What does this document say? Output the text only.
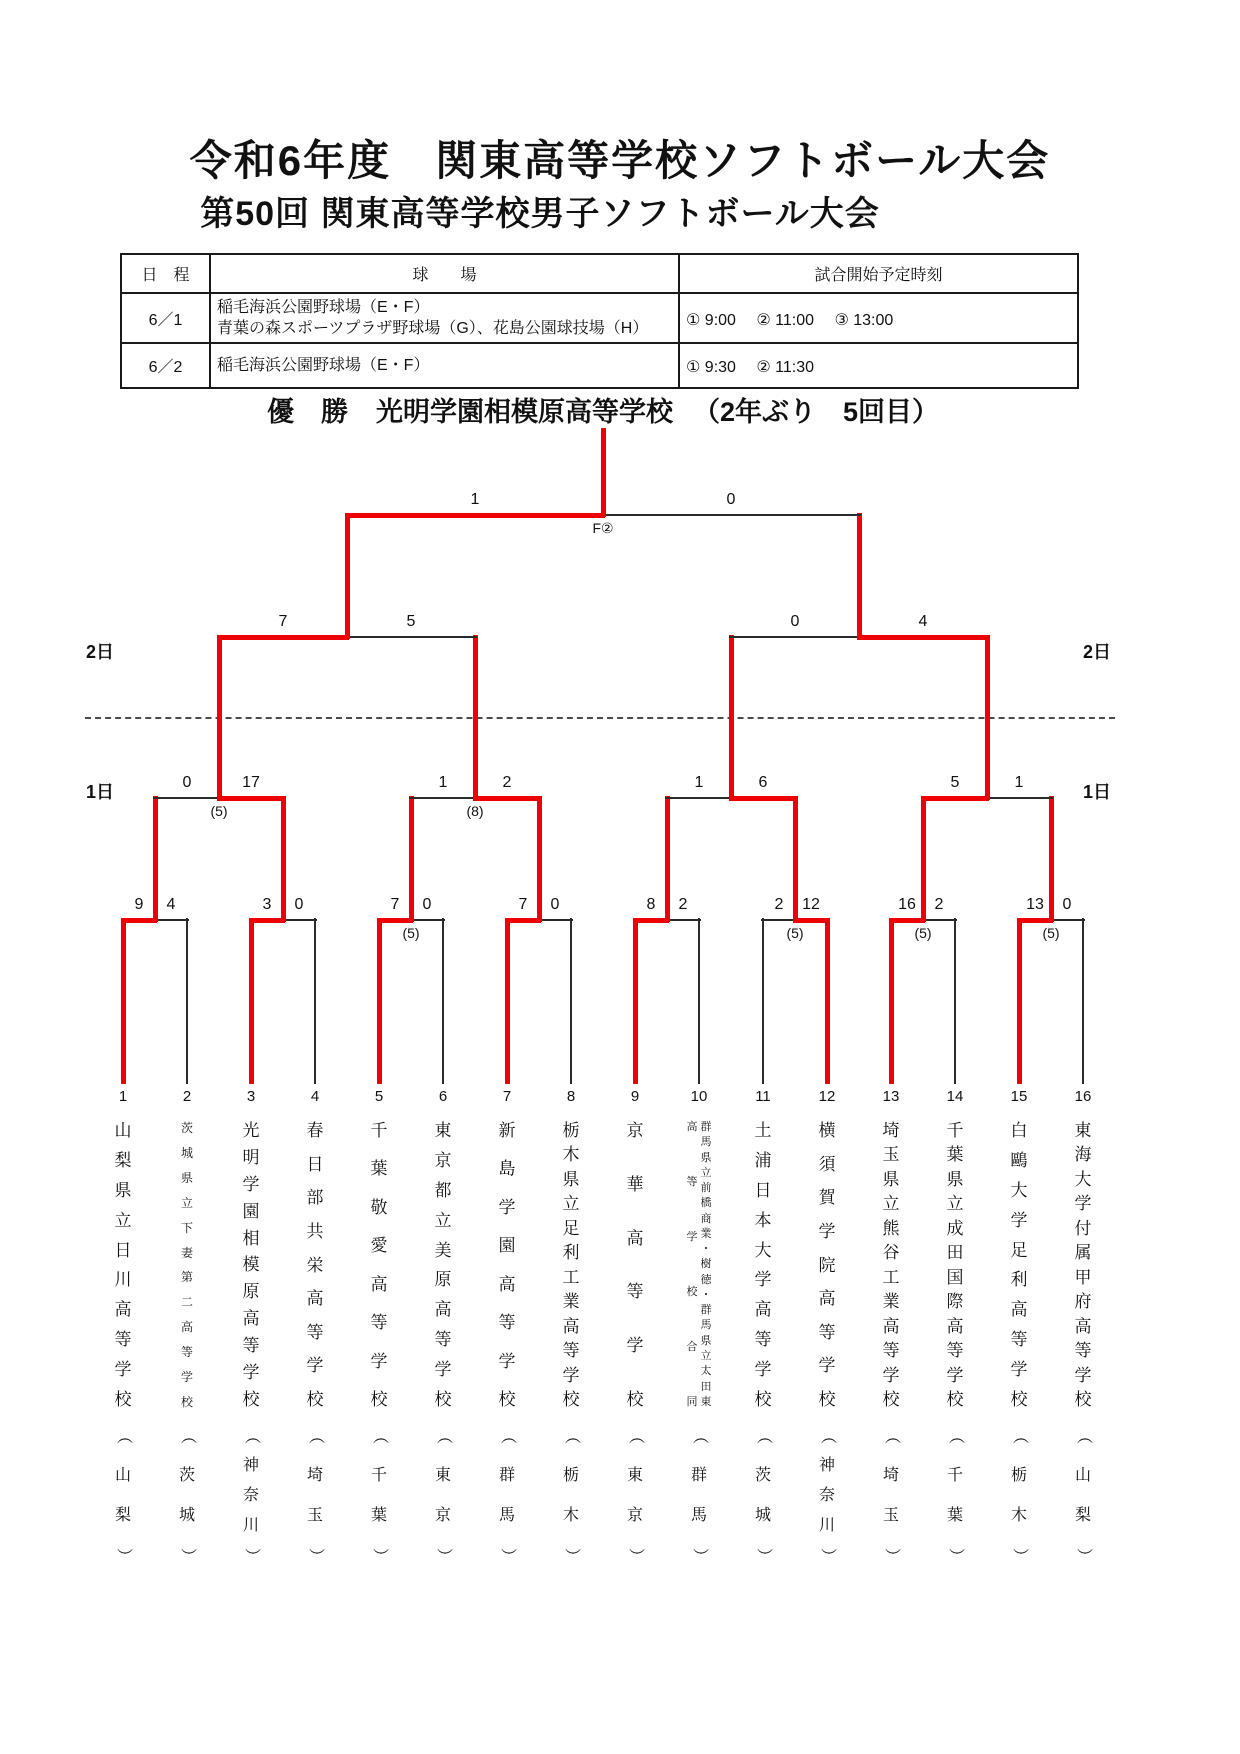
令和6年度　関東高等学校ソフトボール大会
第50回 関東高等学校男子ソフトボール大会
日　程	球　　場	試合開始予定時刻
6／1	稲毛海浜公園野球場（E・F）
青葉の森スポーツプラザ野球場（G）、花島公園球技場（H）	① 9:00　 ② 11:00　 ③ 13:00
6／2	稲毛海浜公園野球場（E・F）	① 9:30　 ② 11:30
優　勝 光明学園相模原高等学校 （2年ぶり　5回目）
2日	2日
1日	1日
9 4	3 0	7 0
(5)
7 0	8 2	2 12
(5)
16 2
(5)
13 0
(5)
0	17
(5)
1	2
(8)
1	6	5	1
7	5	0	4
1	0
F②
1
山
梨
県
立
日
川
高
等
学
校
（
山
梨
）
2
茨
城
県
立
下
妻
第
二
高
等
学
校
（
茨
城
）
3
光
明
学
園
相
模
原
高
等
学
校
（
神
奈
川
）
4
春
日
部
共
栄
高
等
学
校
（
埼
玉
）
5
千
葉
敬
愛
高
等
学
校
（
千
葉
）
6
東
京
都
立
美
原
高
等
学
校
（
東
京
）
7
新
島
学
園
高
等
学
校
（
群
馬
）
8
栃
木
県
立
足
利
工
業
高
等
学
校
（
栃
木
）
9
京
華
高
等
学
校
（
東
京
）
10
高
等
学
校
合
同
群
馬
県
立
前
橋
商
業
・
樹
徳
・
群
馬
県
立
太
田
東
（
群
馬
）
11
土
浦
日
本
大
学
高
等
学
校
（
茨
城
）
12
横
須
賀
学
院
高
等
学
校
（
神
奈
川
）
13
埼
玉
県
立
熊
谷
工
業
高
等
学
校
（
埼
玉
）
14
千
葉
県
立
成
田
国
際
高
等
学
校
（
千
葉
）
15
白
鷗
大
学
足
利
高
等
学
校
（
栃
木
）
16
東
海
大
学
付
属
甲
府
高
等
学
校
（
山
梨
）
